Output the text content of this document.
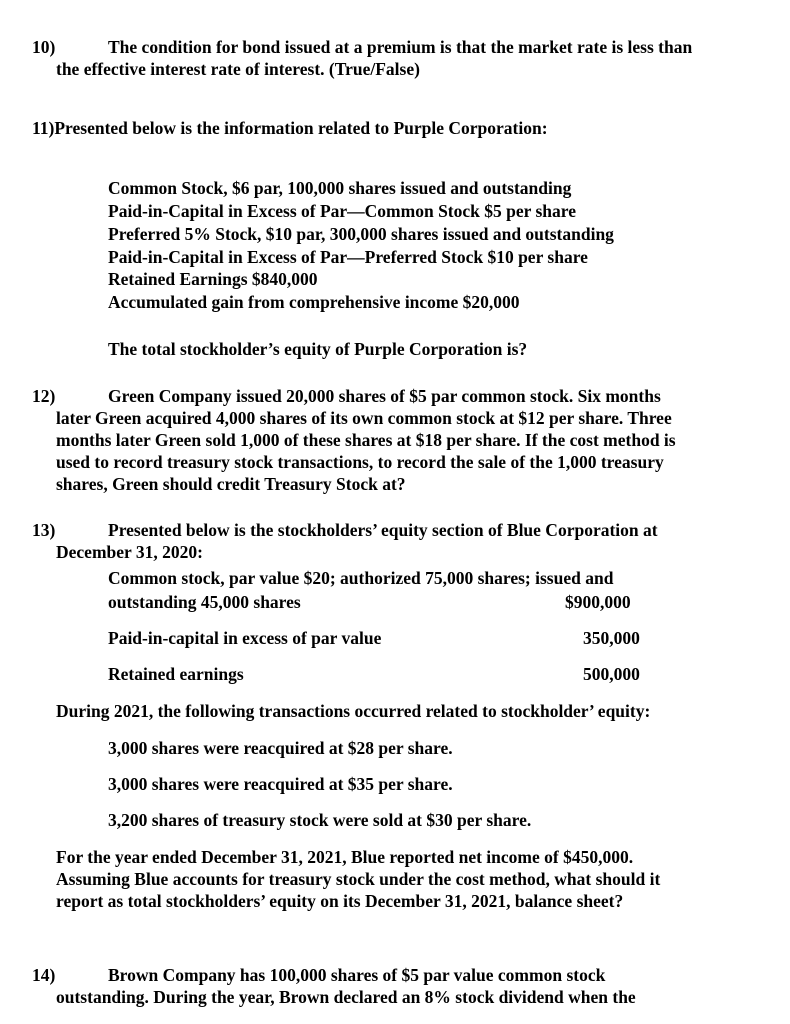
10)	The condition for bond issued at a premium is that the market rate is less than
the effective interest rate of interest. (True/False)
11)Presented below is the information related to Purple Corporation:
Common Stock, $6 par, 100,000 shares issued and outstanding
Paid-in-Capital in Excess of Par—Common Stock $5 per share
Preferred 5% Stock, $10 par, 300,000 shares issued and outstanding
Paid-in-Capital in Excess of Par—Preferred Stock $10 per share
Retained Earnings $840,000
Accumulated gain from comprehensive income $20,000
The total stockholder’s equity of Purple Corporation is?
12)	Green Company issued 20,000 shares of $5 par common stock. Six months
later Green acquired 4,000 shares of its own common stock at $12 per share. Three
months later Green sold 1,000 of these shares at $18 per share. If the cost method is
used to record treasury stock transactions, to record the sale of the 1,000 treasury
shares, Green should credit Treasury Stock at?
13)	Presented below is the stockholders’ equity section of Blue Corporation at
December 31, 2020:
Common stock, par value $20; authorized 75,000 shares; issued and
outstanding 45,000 shares	$900,000
Paid-in-capital in excess of par value	350,000
Retained earnings	500,000
During 2021, the following transactions occurred related to stockholder’ equity:
3,000 shares were reacquired at $28 per share.
3,000 shares were reacquired at $35 per share.
3,200 shares of treasury stock were sold at $30 per share.
For the year ended December 31, 2021, Blue reported net income of $450,000.
Assuming Blue accounts for treasury stock under the cost method, what should it
report as total stockholders’ equity on its December 31, 2021, balance sheet?
14)	Brown Company has 100,000 shares of $5 par value common stock
outstanding. During the year, Brown declared an 8% stock dividend when the
